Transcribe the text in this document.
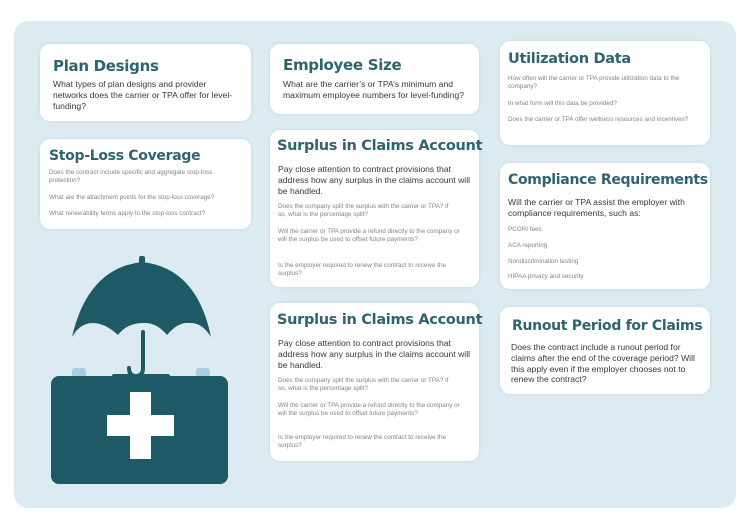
Plan Designs

What types of plan designs and provider networks does the carrier or TPA offer for level-funding?

Stop-Loss Coverage

Does the contract include specific and aggregate stop-loss protection?

What are the attachment points for the stop-loss coverage?

What renewability terms apply to the stop-loss contract?

Employee Size

What are the carrier’s or TPA’s minimum and maximum employee numbers for level-funding?

Surplus in Claims Account

Pay close attention to contract provisions that address how any surplus in the claims account will be handled.

Does the company split the surplus with the carrier or TPA? If so, what is the percentage split?

Will the carrier or TPA provide a refund directly to the company or will the surplus be used to offset future payments?

Is the employer required to renew the contract to receive the surplus?

Surplus in Claims Account

Pay close attention to contract provisions that address how any surplus in the claims account will be handled.

Does the company split the surplus with the carrier or TPA? If so, what is the percentage split?

Will the carrier or TPA provide a refund directly to the company or will the surplus be used to offset future payments?

Is the employer required to renew the contract to receive the surplus?

Utilization Data

How often will the carrier or TPA provide utilization data to the company?

In what form will this data be provided?

Does the carrier or TPA offer wellness resources and incentives?

Compliance Requirements

Will the carrier or TPA assist the employer with compliance requirements, such as:

PCORI fees

ACA reporting

Nondiscrimination testing

HIPAA privacy and security

Runout Period for Claims

Does the contract include a runout period for claims after the end of the coverage period? Will this apply even if the employer chooses not to renew the contract?
